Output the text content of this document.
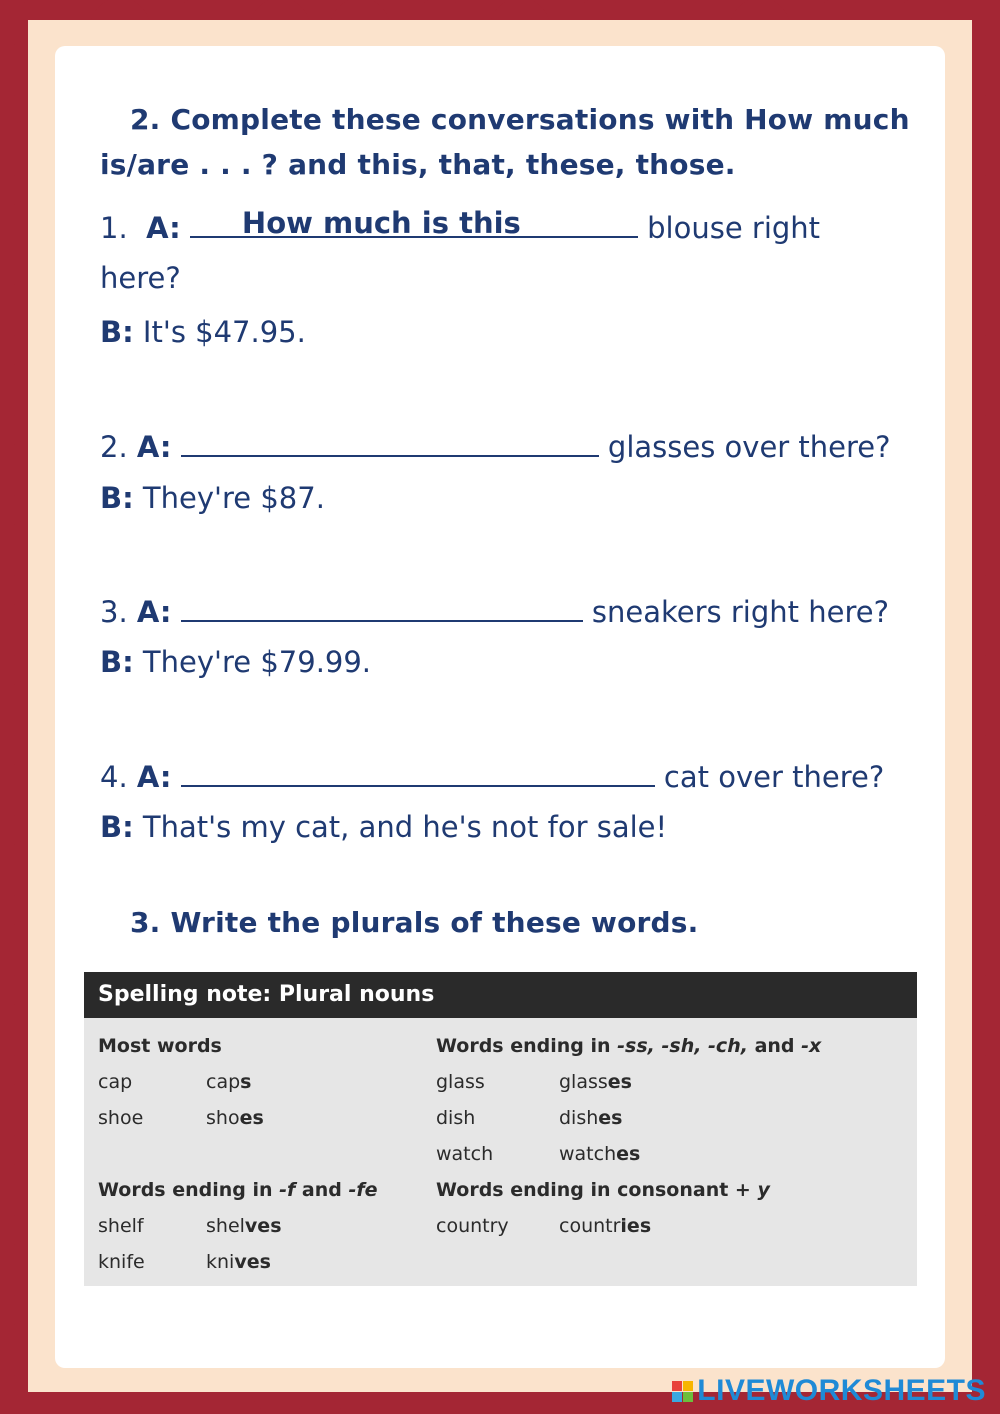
2. Complete these conversations with How much
is/are . . . ? and this, that, these, those.
1. A: How much is this	blouse right
here?
B: It's $47.95.
2. A:	glasses over there?
B: They're $87.
3. A:	sneakers right here?
B: They're $79.99.
4. A:	cat over there?
B: That's my cat, and he's not for sale!
3. Write the plurals of these words.
Spelling note: Plural nouns
Most words
cap	caps
shoe	shoes
Words ending in -ss, -sh, -ch, and -x
glass	glasses
dish	dishes
watch	watches
Words ending in -f and -fe
shelf	shelves
knife	knives
Words ending in consonant + y
country	countries
LIVEWORKSHEETS
